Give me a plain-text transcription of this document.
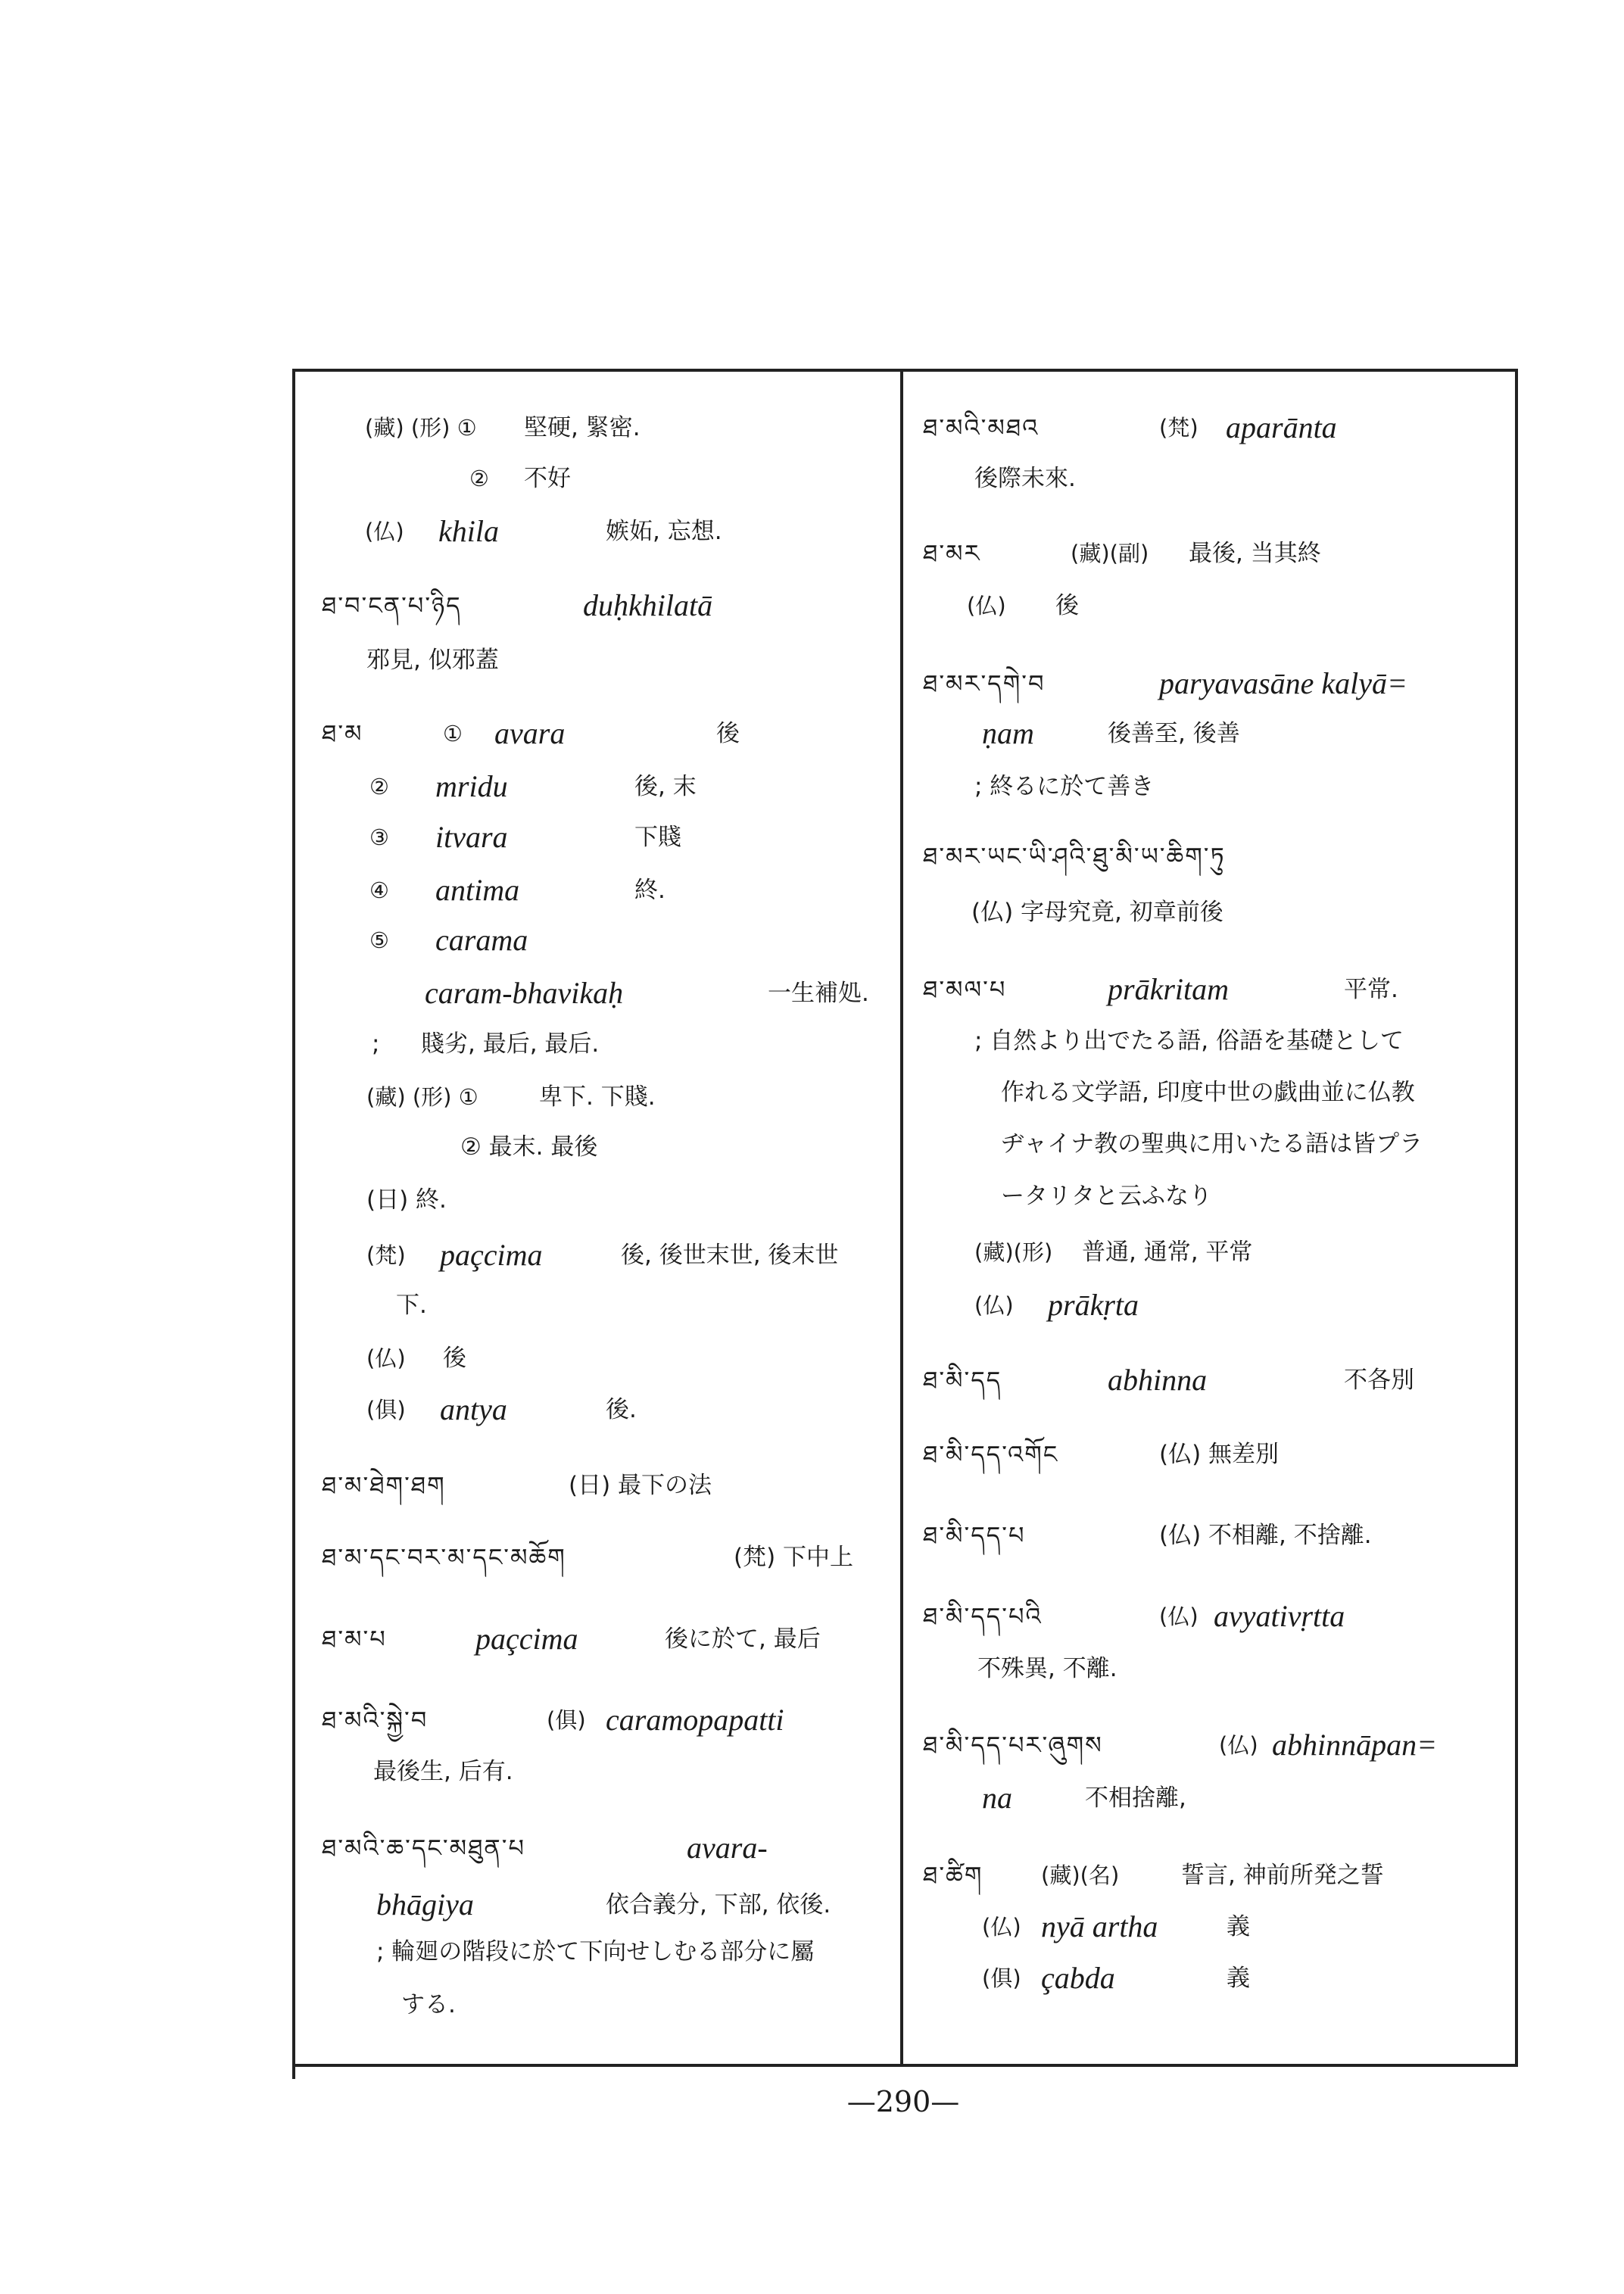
(藏) (形) ① 堅硬, 緊密.
② 不好
(仏) khila	嫉妬, 忘想.
ཐ་བ་ངན་པ་ཉིད	duḥkhilatā
邪見, 似邪蓋
ཐ་མ	① avara	後
② mridu	後, 末
③ itvara	下賤
④ antima	終.
⑤ carama
caram-bhavikaḥ	一生補処.
; 賤劣, 最后, 最后.
(藏) (形) ①	卑下. 下賤.
② 最末. 最後
(日) 終.
(梵) paçcima	後, 後世末世, 後末世
下.
(仏) 後
(俱) antya	後.
ཐ་མ་ཐེག་ཐག	(日) 最下の法
ཐ་མ་དང་བར་མ་དང་མཆོག	(梵) 下中上
ཐ་མ་པ	paçcima	後に於て, 最后
ཐ་མའི་སྐྱེ་བ	(俱) caramopapatti
最後生, 后有.
ཐ་མའི་ཆ་དང་མཐུན་པ	avara-
bhāgiya	依合義分, 下部, 依後.
; 輪廻の階段に於て下向せしむる部分に屬
する.
ཐ་མའི་མཐའ	(梵) aparānta
後際未來.
ཐ་མར	(藏)(副) 最後, 当其終
(仏) 後
ཐ་མར་དགེ་བ	paryavasāne kalyā=
ṇam	後善至, 後善
; 終るに於て善き
ཐ་མར་ཡང་ཡི་ཤའི་ཐུ་མི་ཡ་ཆིག་ཏུ
(仏) 字母究竟, 初章前後
ཐ་མལ་པ	prākritam	平常.
; 自然より出でたる語, 俗語を基礎として
作れる文学語, 印度中世の戯曲並に仏教
ヂャイナ教の聖典に用いたる語は皆プラ
ータリタと云ふなり
(藏)(形) 普通, 通常, 平常
(仏) prākṛta
ཐ་མི་དད	abhinna	不各別
ཐ་མི་དད་འགོང	(仏) 無差別
ཐ་མི་དད་པ	(仏) 不相離, 不捨離.
ཐ་མི་དད་པའི	(仏) avyativṛtta
不殊異, 不離.
ཐ་མི་དད་པར་ཞུགས	(仏) abhinnāpan=
na	不相捨離,
ཐ་ཚིག	(藏)(名)	誓言, 神前所発之誓
(仏) nyā artha	義
(俱) çabda	義
—290—
